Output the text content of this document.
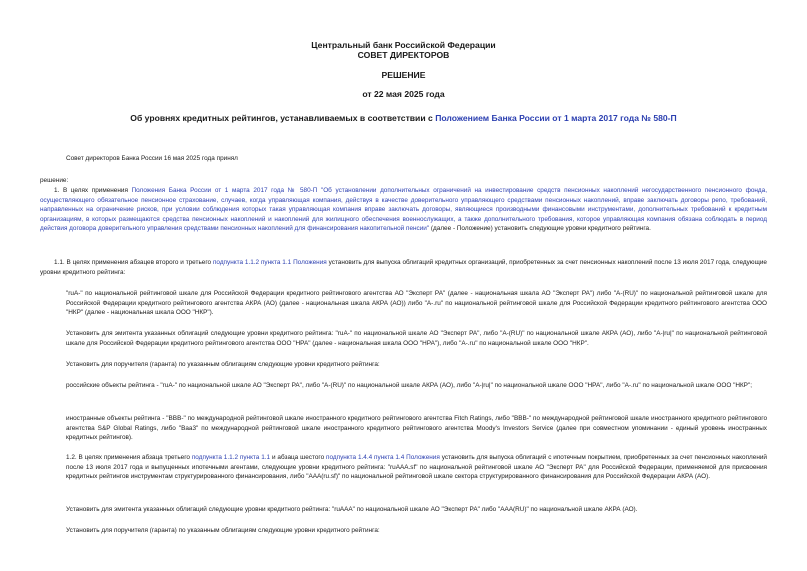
Центральный банк Российской Федерации
СОВЕТ ДИРЕКТОРОВ
РЕШЕНИЕ
от 22 мая 2025 года
Об уровнях кредитных рейтингов, устанавливаемых в соответствии с Положением Банка России от 1 марта 2017 года № 580-П

Совет директоров Банка России 16 мая 2025 года принял

решение:

1. В целях применения Положения Банка России от 1 марта 2017 года № 580-П "Об установлении дополнительных ограничений на инвестирование средств пенсионных накоплений негосударственного пенсионного фонда, осуществляющего обязательное пенсионное страхование, случаев, когда управляющая компания, действуя в качестве доверительного управляющего средствами пенсионных накоплений, вправе заключать договоры репо, требований, направленных на ограничение рисков, при условии соблюдения которых такая управляющая компания вправе заключать договоры, являющиеся производными финансовыми инструментами, дополнительных требований к кредитным организациям, в которых размещаются средства пенсионных накоплений и накоплений для жилищного обеспечения военнослужащих, а также дополнительного требования, которое управляющая компания обязана соблюдать в период действия договора доверительного управления средствами пенсионных накоплений для финансирования накопительной пенсии" (далее - Положение) установить следующие уровни кредитного рейтинга.

1.1. В целях применения абзацев второго и третьего подпункта 1.1.2 пункта 1.1 Положения установить для выпуска облигаций кредитных организаций, приобретенных за счет пенсионных накоплений после 13 июля 2017 года, следующие уровни кредитного рейтинга:

"ruA-" по национальной рейтинговой шкале для Российской Федерации кредитного рейтингового агентства АО "Эксперт РА" (далее - национальная шкала АО "Эксперт РА") либо "A-(RU)" по национальной рейтинговой шкале для Российской Федерации кредитного рейтингового агентства АКРА (АО) (далее - национальная шкала АКРА (АО)) либо "A-.ru" по национальной рейтинговой шкале для Российской Федерации кредитного рейтингового агентства ООО "НКР" (далее - национальная шкала ООО "НКР").

Установить для эмитента указанных облигаций следующие уровни кредитного рейтинга: "ruA-" по национальной шкале АО "Эксперт РА", либо "A-(RU)" по национальной шкале АКРА (АО), либо "A-|ru|" по национальной рейтинговой шкале для Российской Федерации кредитного рейтингового агентства ООО "НРА" (далее - национальная шкала ООО "НРА"), либо "A-.ru" по национальной шкале ООО "НКР".

Установить для поручителя (гаранта) по указанным облигациям следующие уровни кредитного рейтинга:

российские объекты рейтинга - "ruA-" по национальной шкале АО "Эксперт РА", либо "A-(RU)" по национальной шкале АКРА (АО), либо "A-|ru|" по национальной шкале ООО "НРА", либо "A-.ru" по национальной шкале ООО "НКР";

иностранные объекты рейтинга - "BBB-" по международной рейтинговой шкале иностранного кредитного рейтингового агентства Fitch Ratings, либо "BBB-" по международной рейтинговой шкале иностранного кредитного рейтингового агентства S&P Global Ratings, либо "Baa3" по международной рейтинговой шкале иностранного кредитного рейтингового агентства Moody's Investors Service (далее при совместном упоминании - единый уровень иностранных кредитных рейтингов).

1.2. В целях применения абзаца третьего подпункта 1.1.2 пункта 1.1 и абзаца шестого подпункта 1.4.4 пункта 1.4 Положения установить для выпуска облигаций с ипотечным покрытием, приобретенных за счет пенсионных накоплений после 13 июля 2017 года и выпущенных ипотечными агентами, следующие уровни кредитного рейтинга: "ruAAA.sf" по национальной рейтинговой шкале АО "Эксперт РА" для Российской Федерации, применяемой для присвоения кредитных рейтингов инструментам структурированного финансирования, либо "AAA(ru.sf)" по национальной рейтинговой шкале сектора структурированного финансирования для Российской Федерации АКРА (АО).

Установить для эмитента указанных облигаций следующие уровни кредитного рейтинга: "ruAAA" по национальной шкале АО "Эксперт РА" либо "AAA(RU)" по национальной шкале АКРА (АО).

Установить для поручителя (гаранта) по указанным облигациям следующие уровни кредитного рейтинга:
